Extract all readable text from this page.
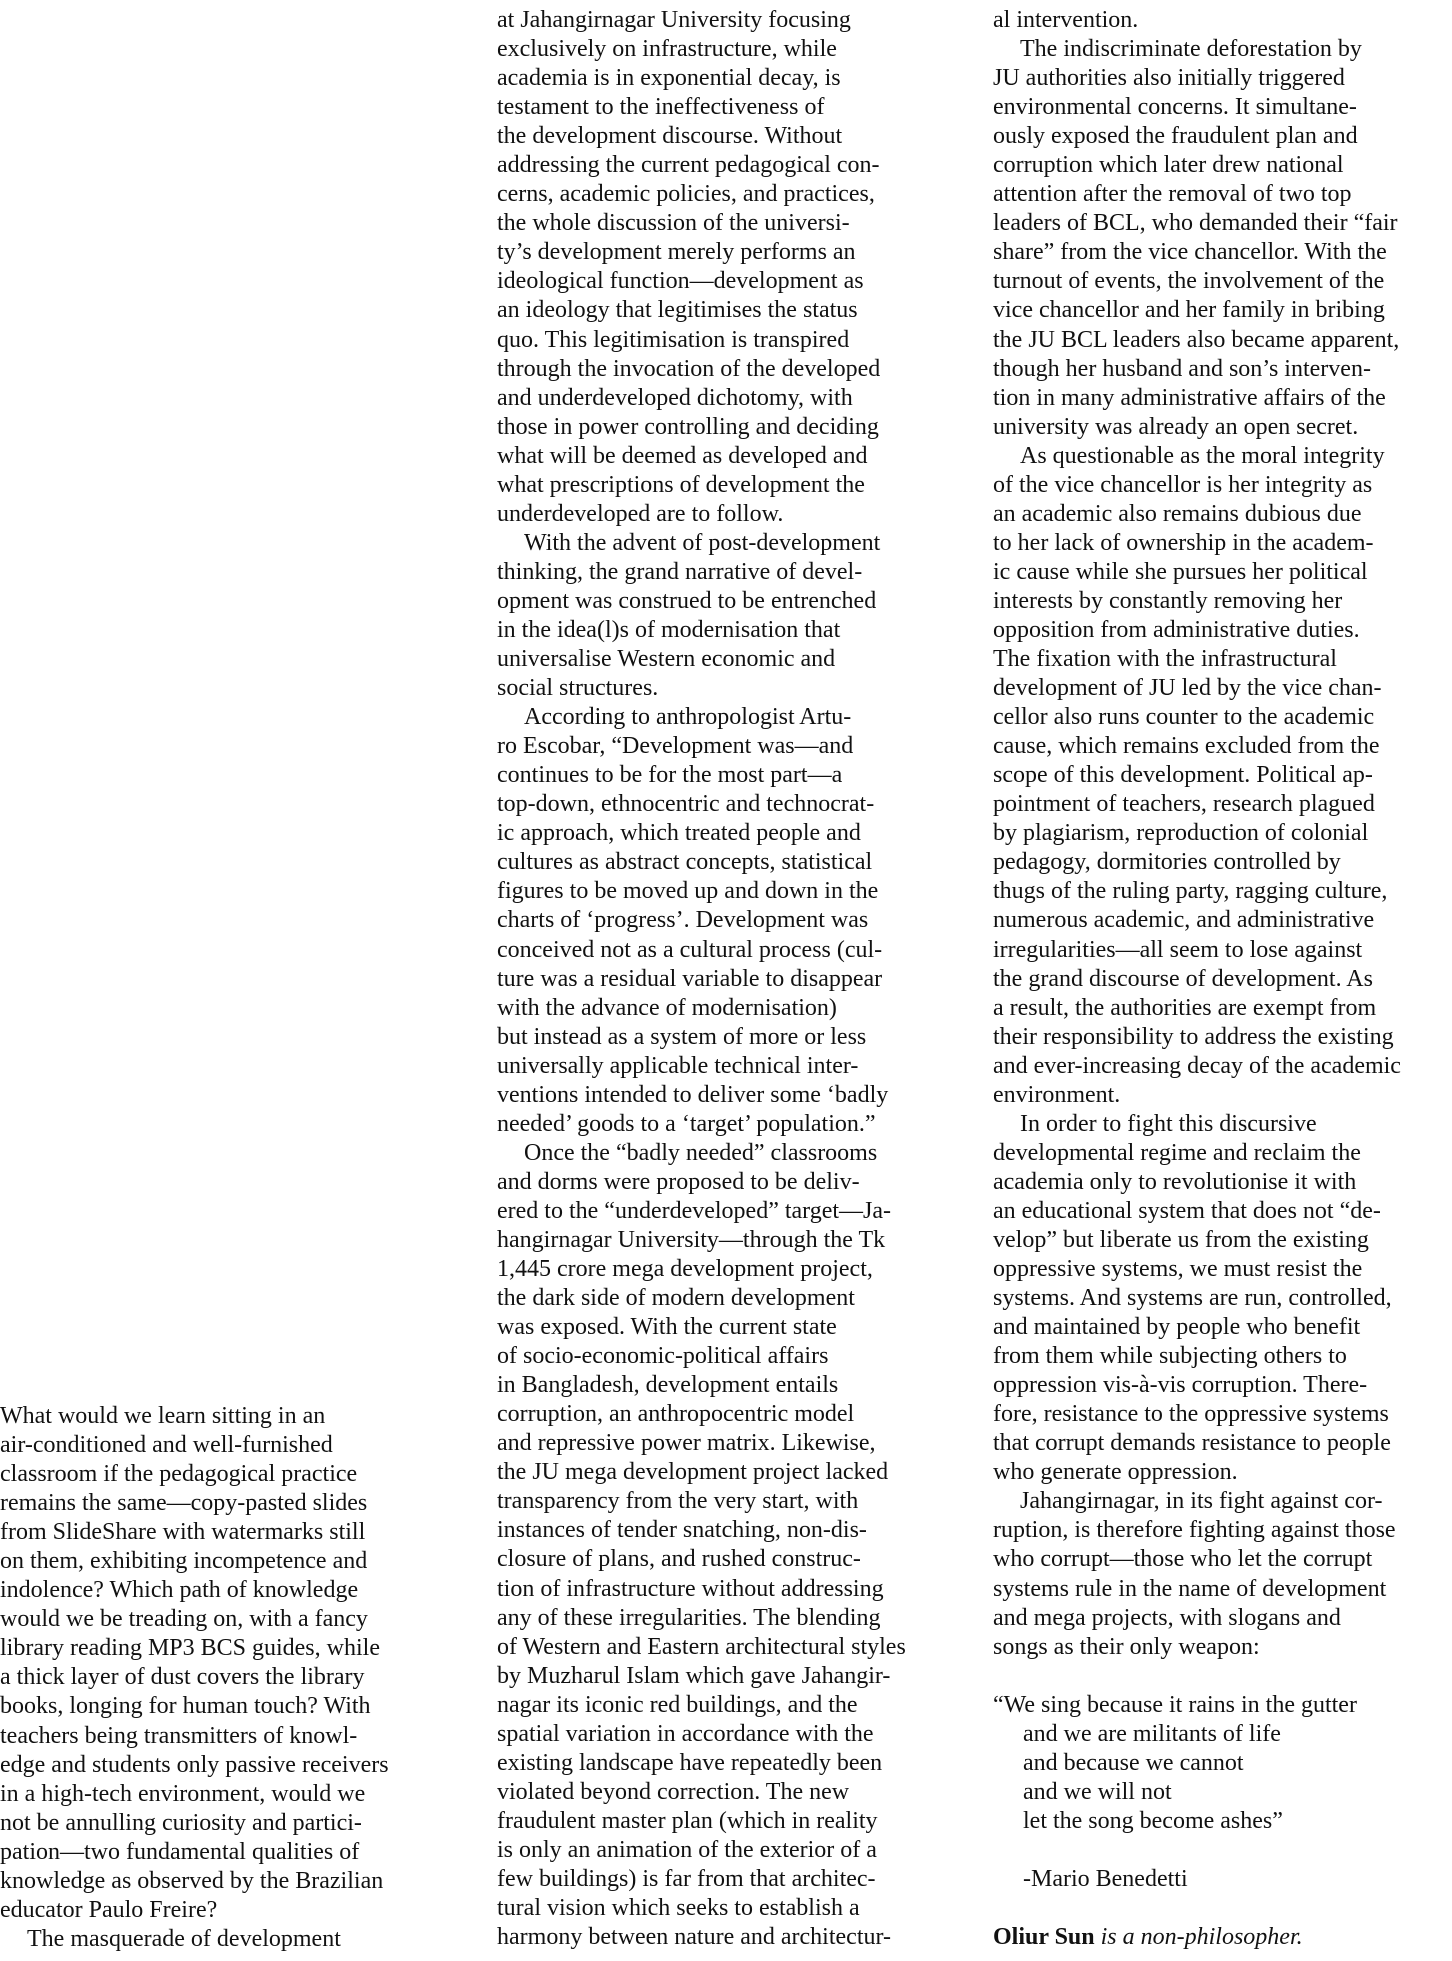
What would we learn sitting in an
air-conditioned and well-furnished
classroom if the pedagogical practice
remains the same—copy-pasted slides
from SlideShare with watermarks still
on them, exhibiting incompetence and
indolence? Which path of knowledge
would we be treading on, with a fancy
library reading MP3 BCS guides, while
a thick layer of dust covers the library
books, longing for human touch? With
teachers being transmitters of knowl-
edge and students only passive receivers
in a high-tech environment, would we
not be annulling curiosity and partici-
pation—two fundamental qualities of
knowledge as observed by the Brazilian
educator Paulo Freire?
The masquerade of development
at Jahangirnagar University focusing
exclusively on infrastructure, while
academia is in exponential decay, is
testament to the ineffectiveness of
the development discourse. Without
addressing the current pedagogical con-
cerns, academic policies, and practices,
the whole discussion of the universi-
ty’s development merely performs an
ideological function—development as
an ideology that legitimises the status
quo. This legitimisation is transpired
through the invocation of the developed
and underdeveloped dichotomy, with
those in power controlling and deciding
what will be deemed as developed and
what prescriptions of development the
underdeveloped are to follow.
With the advent of post-development
thinking, the grand narrative of devel-
opment was construed to be entrenched
in the idea(l)s of modernisation that
universalise Western economic and
social structures.
According to anthropologist Artu-
ro Escobar, “Development was—and
continues to be for the most part—a
top-down, ethnocentric and technocrat-
ic approach, which treated people and
cultures as abstract concepts, statistical
figures to be moved up and down in the
charts of ‘progress’. Development was
conceived not as a cultural process (cul-
ture was a residual variable to disappear
with the advance of modernisation)
but instead as a system of more or less
universally applicable technical inter-
ventions intended to deliver some ‘badly
needed’ goods to a ‘target’ population.”
Once the “badly needed” classrooms
and dorms were proposed to be deliv-
ered to the “underdeveloped” target—Ja-
hangirnagar University—through the Tk
1,445 crore mega development project,
the dark side of modern development
was exposed. With the current state
of socio-economic-political affairs
in Bangladesh, development entails
corruption, an anthropocentric model
and repressive power matrix. Likewise,
the JU mega development project lacked
transparency from the very start, with
instances of tender snatching, non-dis-
closure of plans, and rushed construc-
tion of infrastructure without addressing
any of these irregularities. The blending
of Western and Eastern architectural styles
by Muzharul Islam which gave Jahangir-
nagar its iconic red buildings, and the
spatial variation in accordance with the
existing landscape have repeatedly been
violated beyond correction. The new
fraudulent master plan (which in reality
is only an animation of the exterior of a
few buildings) is far from that architec-
tural vision which seeks to establish a
harmony between nature and architectur-
al intervention.
The indiscriminate deforestation by
JU authorities also initially triggered
environmental concerns. It simultane-
ously exposed the fraudulent plan and
corruption which later drew national
attention after the removal of two top
leaders of BCL, who demanded their “fair
share” from the vice chancellor. With the
turnout of events, the involvement of the
vice chancellor and her family in bribing
the JU BCL leaders also became apparent,
though her husband and son’s interven-
tion in many administrative affairs of the
university was already an open secret.
As questionable as the moral integrity
of the vice chancellor is her integrity as
an academic also remains dubious due
to her lack of ownership in the academ-
ic cause while she pursues her political
interests by constantly removing her
opposition from administrative duties.
The fixation with the infrastructural
development of JU led by the vice chan-
cellor also runs counter to the academic
cause, which remains excluded from the
scope of this development. Political ap-
pointment of teachers, research plagued
by plagiarism, reproduction of colonial
pedagogy, dormitories controlled by
thugs of the ruling party, ragging culture,
numerous academic, and administrative
irregularities—all seem to lose against
the grand discourse of development. As
a result, the authorities are exempt from
their responsibility to address the existing
and ever-increasing decay of the academic
environment.
In order to fight this discursive
developmental regime and reclaim the
academia only to revolutionise it with
an educational system that does not “de-
velop” but liberate us from the existing
oppressive systems, we must resist the
systems. And systems are run, controlled,
and maintained by people who benefit
from them while subjecting others to
oppression vis-à-vis corruption. There-
fore, resistance to the oppressive systems
that corrupt demands resistance to people
who generate oppression.
Jahangirnagar, in its fight against cor-
ruption, is therefore fighting against those
who corrupt—those who let the corrupt
systems rule in the name of development
and mega projects, with slogans and
songs as their only weapon:
“We sing because it rains in the gutter
and we are militants of life
and because we cannot
and we will not
let the song become ashes”
-Mario Benedetti
Oliur Sun is a non-philosopher.
